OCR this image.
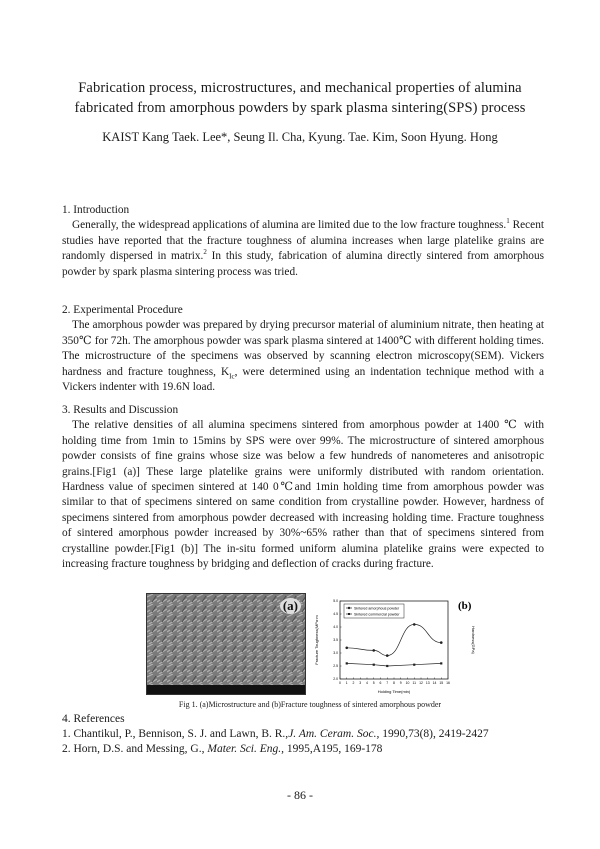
Fabrication process, microstructures, and mechanical properties of alumina
fabricated from amorphous powders by spark plasma sintering(SPS) process
KAIST Kang Taek. Lee*, Seung Il. Cha, Kyung. Tae. Kim, Soon Hyung. Hong
1. Introduction

Generally, the widespread applications of alumina are limited due to the low fracture toughness.$^1$ Recent studies have reported that the fracture toughness of alumina increases when large platelike grains are randomly dispersed in matrix.$^2$ In this study, fabrication of alumina directly sintered from amorphous powder by spark plasma sintering process was tried.

2. Experimental Procedure

The amorphous powder was prepared by drying precursor material of aluminium nitrate, then heating at 350℃ for 72h. The amorphous powder was spark plasma sintered at 1400℃ with different holding times. The microstructure of the specimens was observed by scanning electron microscopy(SEM). Vickers hardness and fracture toughness, $K_{Ic}$, were determined using an indentation technique method with a Vickers indenter with 19.6N load.

3. Results and Discussion

The relative densities of all alumina specimens sintered from amorphous powder at 1400 ℃ with holding time from 1min to 15mins by SPS were over 99%. The microstructure of sintered amorphous powder consists of fine grains whose size was below a few hundreds of nanometeres and anisotropic grains.[Fig1 (a)] These large platelike grains were uniformly distributed with random orientation. Hardness value of specimen sintered at 140 0℃and 1min holding time from amorphous powder was similar to that of specimens sintered on same condition from crystalline powder. However, hardness of specimens sintered from amorphous powder decreased with increasing holding time. Fracture toughness of sintered amorphous powder increased by 30%~65% rather than that of specimens sintered from crystalline powder.[Fig1 (b)] The in-situ formed uniform alumina platelike grains were expected to increasing fracture toughness by bridging and deflection of cracks during fracture.

(a)	Sintered amorphous powder
Sintered commercial powder
(b)
Fracture Toughness(MPa·m	Hardness(GPa)
Holding Time(min)
0 1 2 3 4 5 6 7 8 9 10 11 12 13 14 15 16
2.0
2.5
3.0
3.5
4.0
4.5
5.0
Fig 1. (a)Microstructure and (b)Fracture toughness of sintered amorphous powder
4. References
1. Chantikul, P., Bennison, S. J. and Lawn, B. R.,J. Am. Ceram. Soc., 1990,73(8), 2419-2427
2. Horn, D.S. and Messing, G., Mater. Sci. Eng., 1995,A195, 169-178
- 86 -
